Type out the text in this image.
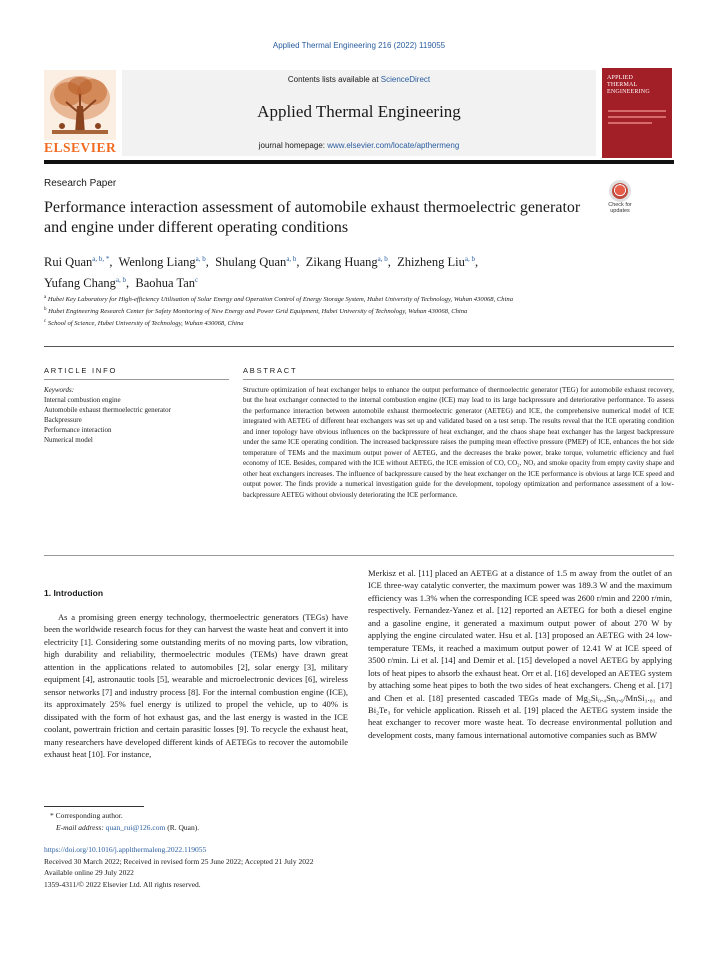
Applied Thermal Engineering 216 (2022) 119055
ELSEVIER
Contents lists available at ScienceDirect
Applied Thermal Engineering
journal homepage: www.elsevier.com/locate/apthermeng
APPLIED
THERMAL
ENGINEERING
Research Paper
Performance interaction assessment of automobile exhaust thermoelectric generator and engine under different operating conditions
Check for updates
Rui Quan$^{a, b, *}$,  Wenlong Liang$^{a, b}$,  Shulang Quan$^{a, b}$,  Zikang Huang$^{a, b}$,  Zhizheng Liu$^{a, b}$,
Yufang Chang$^{a, b}$,  Baohua Tan$^c$
$^a$ Hubei Key Laboratory for High-efficiency Utilisation of Solar Energy and Operation Control of Energy Storage System, Hubei University of Technology, Wuhan 430068, China
$^b$ Hubei Engineering Research Center for Safety Monitoring of New Energy and Power Grid Equipment, Hubei University of Technology, Wuhan 430068, China
$^c$ School of Science, Hubei University of Technology, Wuhan 430068, China
ARTICLE INFO	ABSTRACT
Keywords:
Internal combustion engine
Automobile exhaust thermoelectric generator
Backpressure
Performance interaction
Numerical model
Structure optimization of heat exchanger helps to enhance the output performance of thermoelectric generator (TEG) for automobile exhaust recovery, but the heat exchanger connected to the internal combustion engine (ICE) may lead to its large backpressure and deteriorative performance. To assess the performance interaction between automobile exhaust thermoelectric generator (AETEG) and ICE, the comprehensive numerical model of ICE integrated with AETEG of different heat exchangers was set up and validated based on a test setup. The results reveal that the ICE operating condition and inner topology have obvious influences on the backpressure of heat exchanger, and the chaos shape heat exchanger has the largest backpressure under the same ICE operating condition. The increased backpressure raises the pumping mean effective pressure (PMEP) of ICE, enhances the hot side temperature of TEMs and the maximum output power of AETEG, and the decreases the brake power, brake torque, volumetric efficiency and fuel economy of ICE. Besides, compared with the ICE without AETEG, the ICE emission of CO, CO₂, NOₓ and smoke opacity from empty cavity shape and other heat exchangers increases. The influence of backpressure caused by the heat exchanger on the ICE performance is obvious at large ICE speed and output power. The finds provide a numerical investigation guide for the development, topology optimization and performance assessment of a low-backpressure AETEG without obviously deteriorating the ICE performance.
1. Introduction
As a promising green energy technology, thermoelectric generators (TEGs) have been the worldwide research focus for they can harvest the waste heat and convert it into electricity [1]. Considering some outstanding merits of no moving parts, low vibration, high durability and reliability, thermoelectric modules (TEMs) have drawn great attention in the applications related to automobiles [2], solar energy [3], military equipment [4], astronautic tools [5], wearable and microelectronic devices [6], wireless sensor networks [7] and industry process [8]. For the internal combustion engine (ICE), its approximately 25% fuel energy is utilized to propel the vehicle, up to 40% is dissipated with the form of hot exhaust gas, and the last energy is wasted in the ICE coolant, powertrain friction and certain parasitic losses [9]. To recycle the exhaust heat, many researchers have developed different kinds of AETEGs to recover the automobile exhaust heat [10]. For instance,
Merkisz et al. [11] placed an AETEG at a distance of 1.5 m away from the outlet of an ICE three-way catalytic converter, the maximum power was 189.3 W and the maximum efficiency was 1.3% when the corresponding ICE speed was 2600 r/min and 2200 r/min, respectively. Fernandez-Yanez et al. [12] reported an AETEG for both a diesel engine and a gasoline engine, it generated a maximum output power of about 270 W by applying the engine circulated water. Hsu et al. [13] proposed an AETEG with 24 low-temperature TEMs, it reached a maximum output power of 12.41 W at ICE speed of 3500 r/min. Li et al. [14] and Demir et al. [15] developed a novel AETEG by applying lots of heat pipes to absorb the exhaust heat. Orr et al. [16] developed an AETEG system by attaching some heat pipes to both the two sides of heat exchangers. Cheng et al. [17] and Chen et al. [18] presented cascaded TEGs made of Mg₂Si₀.₄Sn₀.₆/MnSi₁.₈₁ and Bi₂Te₃ for vehicle application. Risseh et al. [19] placed the AETEG system inside the heat exchanger to recover more waste heat. To decrease environmental pollution and development costs, many famous international automotive companies such as BMW
* Corresponding author.
E-mail address: quan_rui@126.com (R. Quan).
https://doi.org/10.1016/j.applthermaleng.2022.119055
Received 30 March 2022; Received in revised form 25 June 2022; Accepted 21 July 2022
Available online 29 July 2022
1359-4311/© 2022 Elsevier Ltd. All rights reserved.
